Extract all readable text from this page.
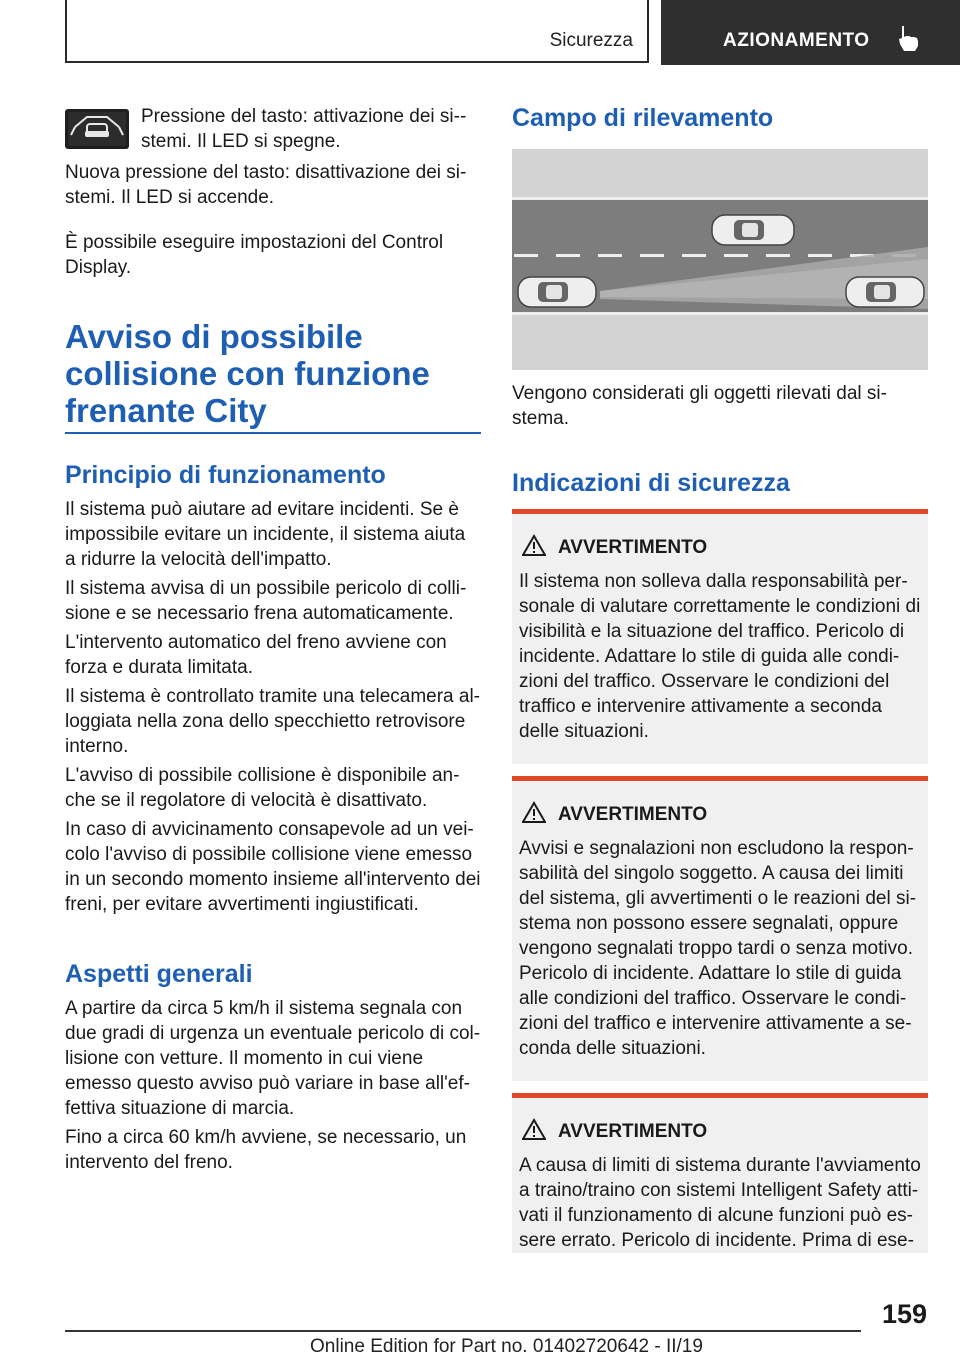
Sicurezza	AZIONAMENTO

Pressione del tasto: attivazione dei si-stemi. Il LED si spegne.

Nuova pressione del tasto: disattivazione dei si-stemi. Il LED si accende.

È possibile eseguire impostazioni del Control Display.

Avviso di possibile collisione con funzione frenante City
Principio di funzionamento

Il sistema può aiutare ad evitare incidenti. Se è impossibile evitare un incidente, il sistema aiuta a ridurre la velocità dell'impatto.

Il sistema avvisa di un possibile pericolo di colli-sione e se necessario frena automaticamente.

L'intervento automatico del freno avviene con forza e durata limitata.

Il sistema è controllato tramite una telecamera al-loggiata nella zona dello specchietto retrovisore interno.

L'avviso di possibile collisione è disponibile an-che se il regolatore di velocità è disattivato.

In caso di avvicinamento consapevole ad un vei-colo l'avviso di possibile collisione viene emesso in un secondo momento insieme all'intervento dei freni, per evitare avvertimenti ingiustificati.

Aspetti generali

A partire da circa 5 km/h il sistema segnala con due gradi di urgenza un eventuale pericolo di col-lisione con vetture. Il momento in cui viene emesso questo avviso può variare in base all'ef-fettiva situazione di marcia.

Fino a circa 60 km/h avviene, se necessario, un intervento del freno.

Campo di rilevamento

Vengono considerati gli oggetti rilevati dal si-stema.

Indicazioni di sicurezza
AVVERTIMENTO

Il sistema non solleva dalla responsabilità per-sonale di valutare correttamente le condizioni di visibilità e la situazione del traffico. Pericolo di incidente. Adattare lo stile di guida alle condi-zioni del traffico. Osservare le condizioni del traffico e intervenire attivamente a seconda delle situazioni.

AVVERTIMENTO

Avvisi e segnalazioni non escludono la respon-sabilità del singolo soggetto. A causa dei limiti del sistema, gli avvertimenti o le reazioni del si-stema non possono essere segnalati, oppure vengono segnalati troppo tardi o senza motivo. Pericolo di incidente. Adattare lo stile di guida alle condizioni del traffico. Osservare le condi-zioni del traffico e intervenire attivamente a se-conda delle situazioni.

AVVERTIMENTO

A causa di limiti di sistema durante l'avviamento a traino/traino con sistemi Intelligent Safety atti-vati il funzionamento di alcune funzioni può es-sere errato. Pericolo di incidente. Prima di ese-

159
Online Edition for Part no. 01402720642 - II/19
